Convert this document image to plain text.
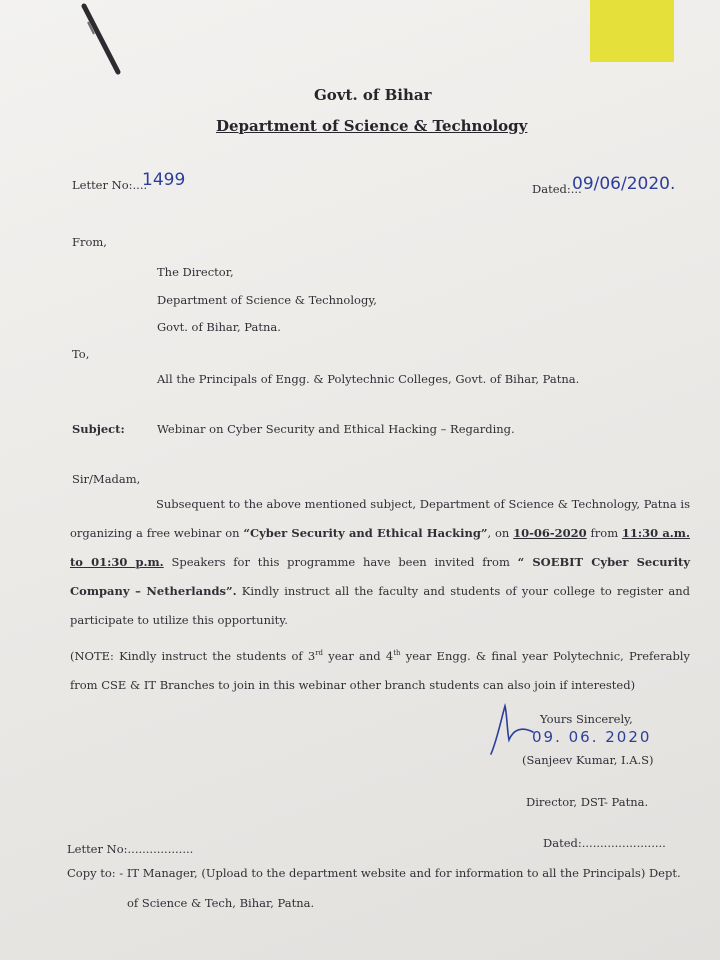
Govt. of Bihar
Department of Science & Technology
Letter No:....
1499	Dated:...
09/06/2020.
From,
The Director,
Department of Science & Technology,
Govt. of Bihar, Patna.
To,
All the Principals of Engg. & Polytechnic Colleges, Govt. of Bihar, Patna.
Subject:	Webinar on Cyber Security and Ethical Hacking – Regarding.
Sir/Madam,
Subsequent to the above mentioned subject, Department of Science & Technology, Patna is organizing a free webinar on “Cyber Security and Ethical Hacking”, on 10-06-2020 from 11:30 a.m. to 01:30 p.m. Speakers for this programme have been invited from “ SOEBIT Cyber Security Company – Netherlands”. Kindly instruct all the faculty and students of your college to register and participate to utilize this opportunity.
(NOTE: Kindly instruct the students of 3rd year and 4th year Engg. & final year Polytechnic, Preferably from CSE & IT Branches to join in this webinar other branch students can also join if interested)
Yours Sincerely,
09. 06. 2020
(Sanjeev Kumar, I.A.S)
Director, DST- Patna.
Letter No:..................	Dated:.......................
Copy to: - IT Manager, (Upload to the department website and for information to all the Principals) Dept.
of Science & Tech, Bihar, Patna.
